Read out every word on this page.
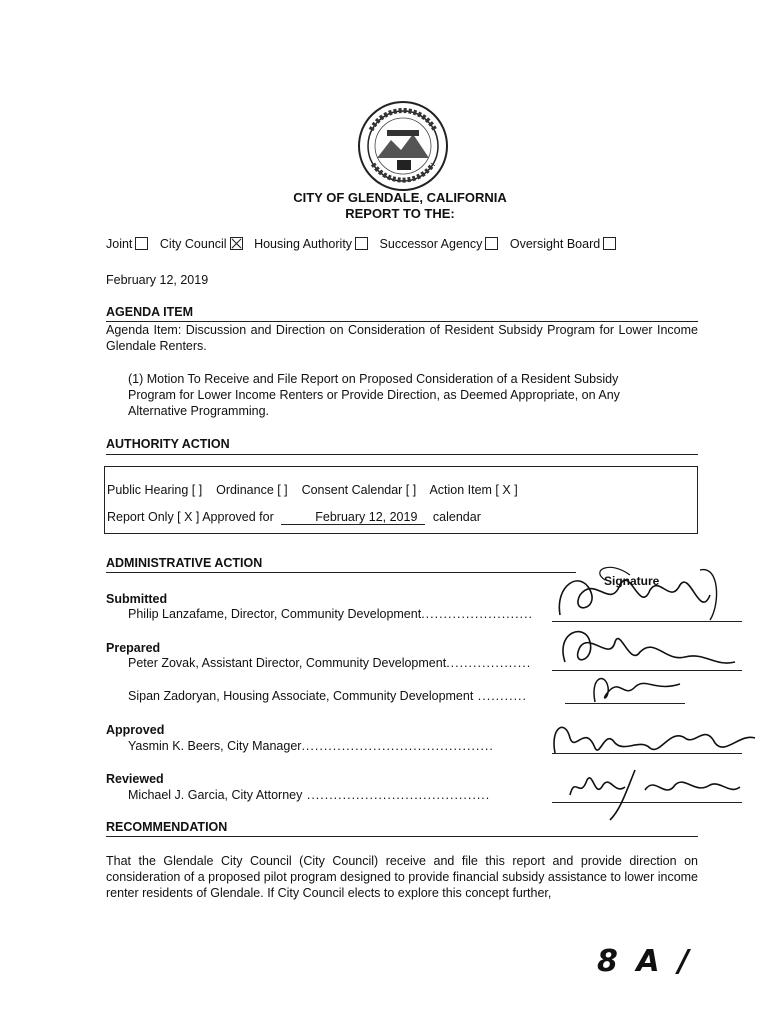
CITY OF GLENDALE, CALIFORNIA
REPORT TO THE:
Joint City Council Housing Authority Successor Agency Oversight Board
February 12, 2019
AGENDA ITEM
Agenda Item: Discussion and Direction on Consideration of Resident Subsidy Program for Lower Income Glendale Renters.
(1) Motion To Receive and File Report on Proposed Consideration of a Resident Subsidy Program for Lower Income Renters or Provide Direction, as Deemed Appropriate, on Any Alternative Programming.
AUTHORITY ACTION
Public Hearing [ ] Ordinance [ ] Consent Calendar [ ] Action Item [ X ]
Report Only [ X ] Approved for	February 12, 2019 calendar
ADMINISTRATIVE ACTION
Signature
Submitted
Philip Lanzafame, Director, Community Development.........................
Prepared
Peter Zovak, Assistant Director, Community Development...................
Sipan Zadoryan, Housing Associate, Community Development ...........
Approved
Yasmin K. Beers, City Manager...........................................
Reviewed
Michael J. Garcia, City Attorney .........................................
RECOMMENDATION
That the Glendale City Council (City Council) receive and file this report and provide direction on consideration of a proposed pilot program designed to provide financial subsidy assistance to lower income renter residents of Glendale. If City Council elects to explore this concept further,
8 A /
